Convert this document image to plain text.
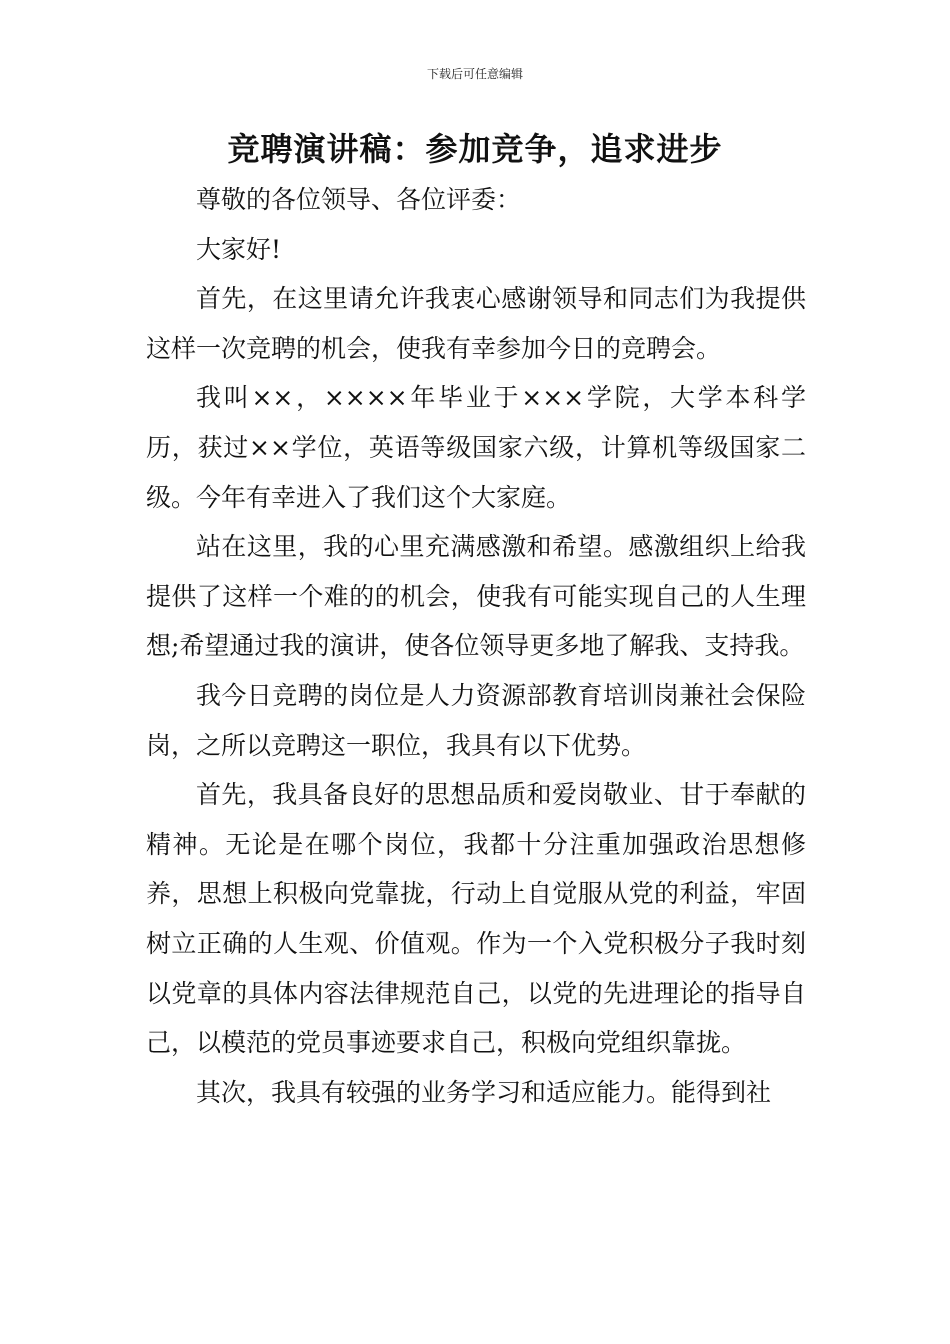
下载后可任意编辑
竞聘演讲稿：参加竞争，追求进步

尊敬的各位领导、各位评委：

大家好!

首先，在这里请允许我衷心感谢领导和同志们为我提供这样一次竞聘的机会，使我有幸参加今日的竞聘会。

我叫××，××××年毕业于×××学院，大学本科学历，获过××学位，英语等级国家六级，计算机等级国家二级。今年有幸进入了我们这个大家庭。

站在这里，我的心里充满感激和希望。感激组织上给我提供了这样一个难的的机会，使我有可能实现自己的人生理想;希望通过我的演讲，使各位领导更多地了解我、支持我。

我今日竞聘的岗位是人力资源部教育培训岗兼社会保险岗，之所以竞聘这一职位，我具有以下优势。

首先，我具备良好的思想品质和爱岗敬业、甘于奉献的精神。无论是在哪个岗位，我都十分注重加强政治思想修养，思想上积极向党靠拢，行动上自觉服从党的利益，牢固树立正确的人生观、价值观。作为一个入党积极分子我时刻以党章的具体内容法律规范自己，以党的先进理论的指导自己，以模范的党员事迹要求自己，积极向党组织靠拢。

其次，我具有较强的业务学习和适应能力。能得到社
